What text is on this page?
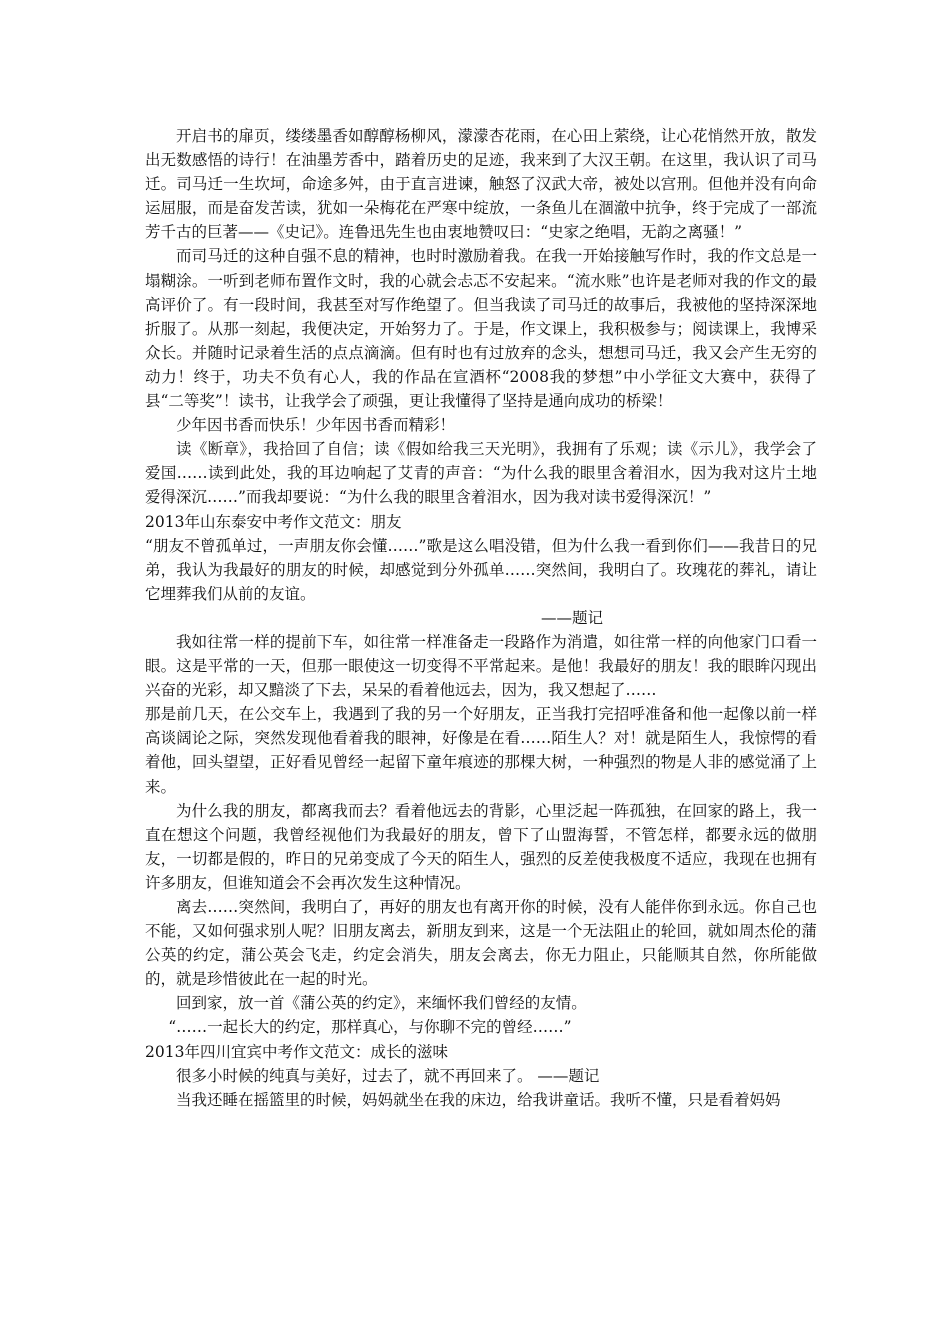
开启书的扉页，缕缕墨香如醇醇杨柳风，濛濛杏花雨，在心田上萦绕，让心花悄然开放，散发出无数感悟的诗行！在油墨芳香中，踏着历史的足迹，我来到了大汉王朝。在这里，我认识了司马迁。司马迁一生坎坷，命途多舛，由于直言进谏，触怒了汉武大帝，被处以宫刑。但他并没有向命运屈服，而是奋发苦读，犹如一朵梅花在严寒中绽放，一条鱼儿在涸澈中抗争，终于完成了一部流芳千古的巨著——《史记》。连鲁迅先生也由衷地赞叹曰：“史家之绝唱，无韵之离骚！”

而司马迁的这种自强不息的精神，也时时激励着我。在我一开始接触写作时，我的作文总是一塌糊涂。一听到老师布置作文时，我的心就会忐忑不安起来。“流水账”也许是老师对我的作文的最高评价了。有一段时间，我甚至对写作绝望了。但当我读了司马迁的故事后，我被他的坚持深深地折服了。从那一刻起，我便决定，开始努力了。于是，作文课上，我积极参与；阅读课上，我博采众长。并随时记录着生活的点点滴滴。但有时也有过放弃的念头，想想司马迁，我又会产生无穷的动力！终于，功夫不负有心人，我的作品在宣酒杯“2008我的梦想”中小学征文大赛中，获得了县“二等奖”！读书，让我学会了顽强，更让我懂得了坚持是通向成功的桥梁！

少年因书香而快乐！少年因书香而精彩！

读《断章》，我拾回了自信；读《假如给我三天光明》，我拥有了乐观；读《示儿》，我学会了爱国……读到此处，我的耳边响起了艾青的声音：“为什么我的眼里含着泪水，因为我对这片土地爱得深沉……”而我却要说：“为什么我的眼里含着泪水，因为我对读书爱得深沉！”

2013年山东泰安中考作文范文：朋友

“朋友不曾孤单过，一声朋友你会懂……”歌是这么唱没错，但为什么我一看到你们——我昔日的兄弟，我认为我最好的朋友的时候，却感觉到分外孤单……突然间，我明白了。玫瑰花的葬礼，请让它埋葬我们从前的友谊。

——题记

我如往常一样的提前下车，如往常一样准备走一段路作为消遣，如往常一样的向他家门口看一眼。这是平常的一天，但那一眼使这一切变得不平常起来。是他！我最好的朋友！我的眼眸闪现出兴奋的光彩，却又黯淡了下去，呆呆的看着他远去，因为，我又想起了……

那是前几天，在公交车上，我遇到了我的另一个好朋友，正当我打完招呼准备和他一起像以前一样高谈阔论之际，突然发现他看着我的眼神，好像是在看……陌生人？对！就是陌生人，我惊愕的看着他，回头望望，正好看见曾经一起留下童年痕迹的那棵大树，一种强烈的物是人非的感觉涌了上来。

为什么我的朋友，都离我而去？看着他远去的背影，心里泛起一阵孤独，在回家的路上，我一直在想这个问题，我曾经视他们为我最好的朋友，曾下了山盟海誓，不管怎样，都要永远的做朋友，一切都是假的，昨日的兄弟变成了今天的陌生人，强烈的反差使我极度不适应，我现在也拥有许多朋友，但谁知道会不会再次发生这种情况。

离去……突然间，我明白了，再好的朋友也有离开你的时候，没有人能伴你到永远。你自己也不能，又如何强求别人呢？旧朋友离去，新朋友到来，这是一个无法阻止的轮回，就如周杰伦的蒲公英的约定，蒲公英会飞走，约定会消失，朋友会离去，你无力阻止，只能顺其自然，你所能做的，就是珍惜彼此在一起的时光。

回到家，放一首《蒲公英的约定》，来缅怀我们曾经的友情。

“……一起长大的约定，那样真心，与你聊不完的曾经……”

2013年四川宜宾中考作文范文：成长的滋味

很多小时候的纯真与美好，过去了，就不再回来了。 ——题记

当我还睡在摇篮里的时候，妈妈就坐在我的床边，给我讲童话。我听不懂，只是看着妈妈
